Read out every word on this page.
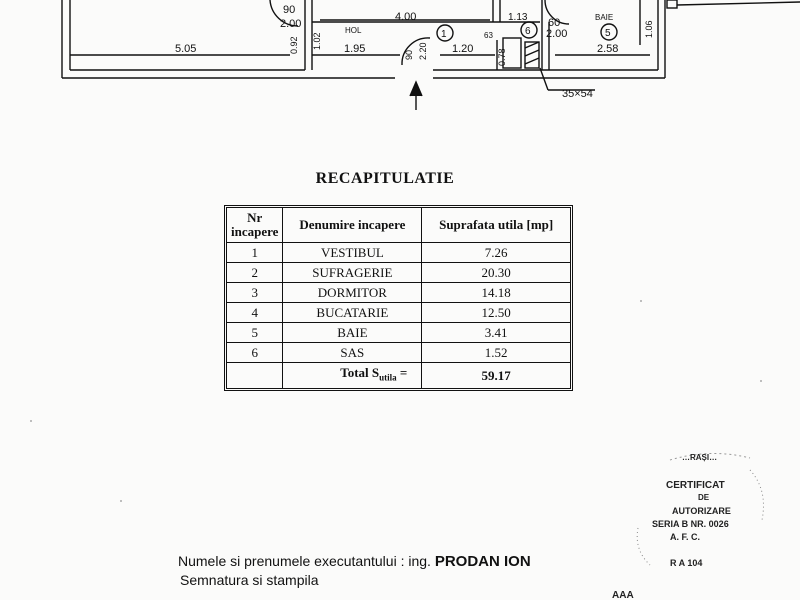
90
2.00
HOL
4.00	1.13 60
2.00
BAIE
5.05	1.95	1.20	2.58
63
35×54
1	5
6
0.92 1.02
90 2.20	0.78
1.06
RECAPITULATIE
Nr incapere	Denumire incapere	Suprafata utila [mp]
1	VESTIBUL	7.26
2	SUFRAGERIE	20.30
3	DORMITOR	14.18
4	BUCATARIE	12.50
5	BAIE	3.41
6	SAS	1.52
	Total $S_{utila}$ =	59.17
Numele si prenumele executantului : ing. PRODAN ION
Semnatura si stampila
…RAȘI…
CERTIFICAT
DE
AUTORIZARE
SERIA B NR. 0026
A. F. C.
R A 104
AAA
